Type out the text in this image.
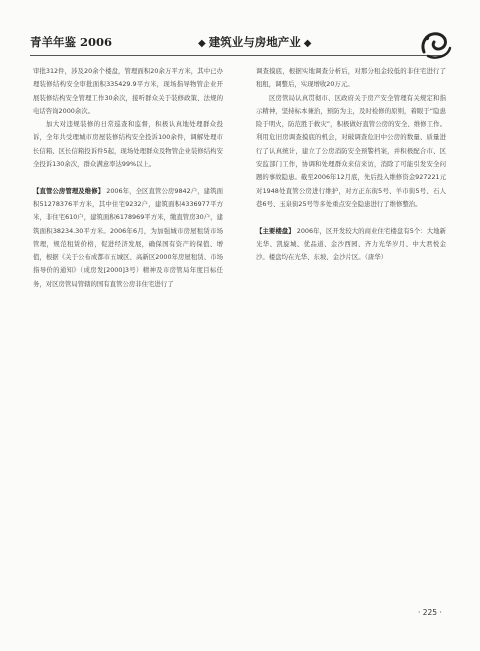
青羊年鉴 2006	◆ 建筑业与房地产业 ◆

审批312件，涉及20余个楼盘，管理面积20余万平方米，其中已办理装修结构安全审批面积335429.9平方米，现场指导物管企业开展装修结构安全管理工作30余次，接听群众关于装修政策、法规的电话咨询2000余次。

加大对违规装修的日常巡查和监督，积极认真地处理群众投诉，全年共受理城市房屋装修结构安全投诉100余件，调解处理市长信箱、区长信箱投诉件5起，现场处理群众及物管企业装修结构安全投诉130余次，群众满意率达99%以上。

【直管公房管理及维修】 2006年，全区直管公房9842户，建筑面积51278376平方米，其中住宅9232户，建筑面积4336977平方米，非住宅610户，建筑面积6178969平方米，缴直管房30户，建筑面积38234.30平方米。2006年6月，为加强城市房屋租赁市场管理，规范租赁价格，促进经济发展，确保国有资产的保值、增值，根据《关于公布成都市五城区、高新区2000年房屋租赁、市场指导价的通知》（成房发[2000]3号）精神及市房管局年度目标任务，对区房管局管辖的国有直管公房非住宅进行了

调查摸底，根据实地调查分析后，对那分租金较低的非住宅进行了租租，调整后，实现增收20万元。

区房管局认真贯彻市、区政府关于房产安全管理有关规定和指示精神，坚持标本兼治，预防为主，及时检修的原则，着眼于“隐患险于明火，防范胜于救灾”，积极做好直管公房的安全、维修工作。利用危旧房调查摸底的机会，对破调查危旧中公房的数量、质量进行了认真统计，建立了公房消防安全预警档案，并积极配合市、区安监部门工作，协调和处理群众来信来访，消除了可能引发安全问题的事故隐患。截至2006年12月底，先后投入维修资金927221元对1948处直管公房进行维护，对方正东街5号、羊市街5号、石人巷6号、玉泉街25号等多处重点安全隐患进行了维修整治。

【主要楼盘】 2006年，区开发较大的商业住宅楼盘有5个：大地新光华、凯旋城、优品道、金沙西园、齐力光华岁月、中大君悦金沙。楼盘均在光华、东坡、金沙片区。（唐华）

· 225 ·
